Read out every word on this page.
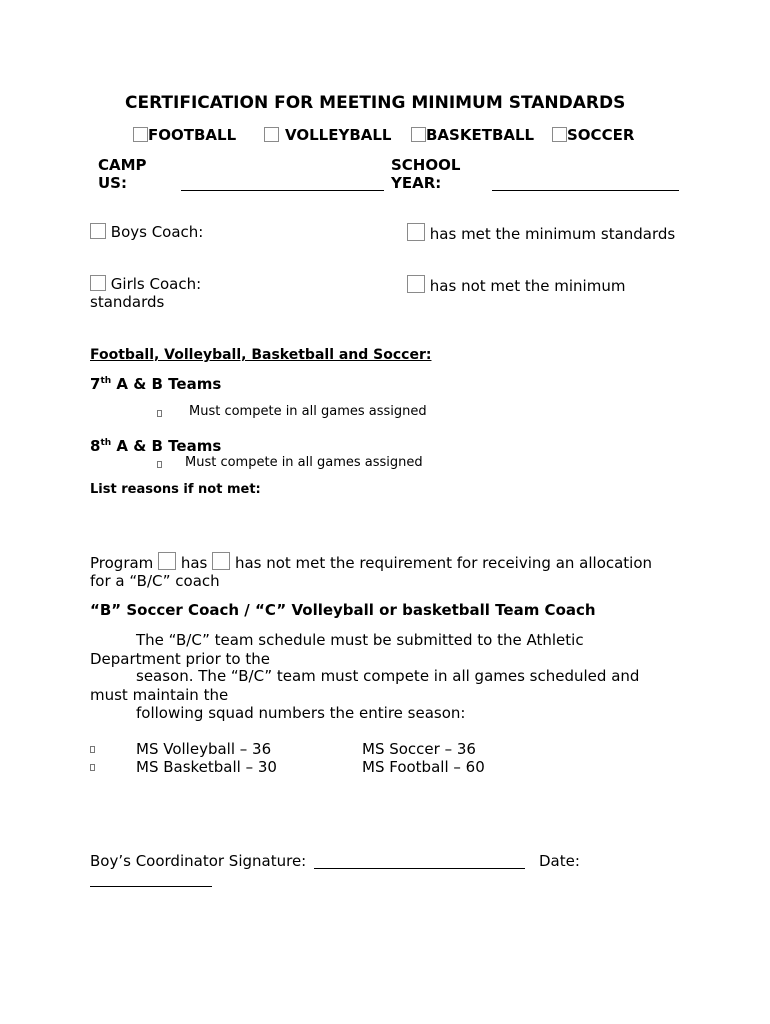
CERTIFICATION FOR MEETING MINIMUM STANDARDS
FOOTBALL	VOLLEYBALL	BASKETBALL	SOCCER
CAMP
US:
SCHOOL
YEAR:
Boys Coach:	has met the minimum standards
Girls Coach:	has not met the minimum
standards
Football, Volleyball, Basketball and Soccer:
7th A & B Teams
Must compete in all games assigned
8th A & B Teams
Must compete in all games assigned
List reasons if not met:
Program has has not met the requirement for receiving an allocation
for a “B/C” coach
“B” Soccer Coach / “C” Volleyball or basketball Team Coach
The “B/C” team schedule must be submitted to the Athletic
Department prior to the
season. The “B/C” team must compete in all games scheduled and
must maintain the
following squad numbers the entire season:
MS Volleyball – 36	MS Soccer – 36
MS Basketball – 30	MS Football – 60
Boy’s Coordinator Signature:	Date:
